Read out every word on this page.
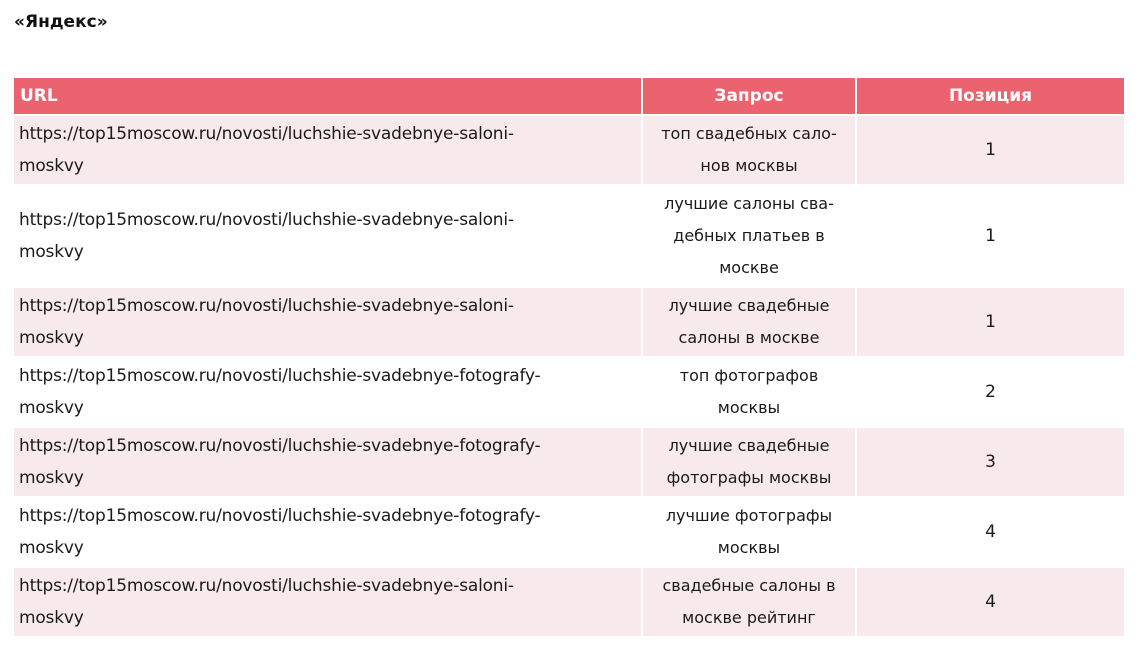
«Яндекс»
URL	Запрос	Позиция

https://top15moscow.ru/novosti/luchshie-svadebnye-saloni-
moskvy	топ свадебных салонов москвы	1

https://top15moscow.ru/novosti/luchshie-svadebnye-saloni-
moskvy	лучшие салоны свадебных платьев в москве	1

https://top15moscow.ru/novosti/luchshie-svadebnye-saloni-
moskvy	лучшие свадебные салоны в москве	1

https://top15moscow.ru/novosti/luchshie-svadebnye-fotografy-
moskvy	топ фотографов москвы	2

https://top15moscow.ru/novosti/luchshie-svadebnye-fotografy-
moskvy	лучшие свадебные фотографы москвы	3

https://top15moscow.ru/novosti/luchshie-svadebnye-fotografy-
moskvy	лучшие фотографы москвы	4

https://top15moscow.ru/novosti/luchshie-svadebnye-saloni-
moskvy	свадебные салоны в москве рейтинг	4
